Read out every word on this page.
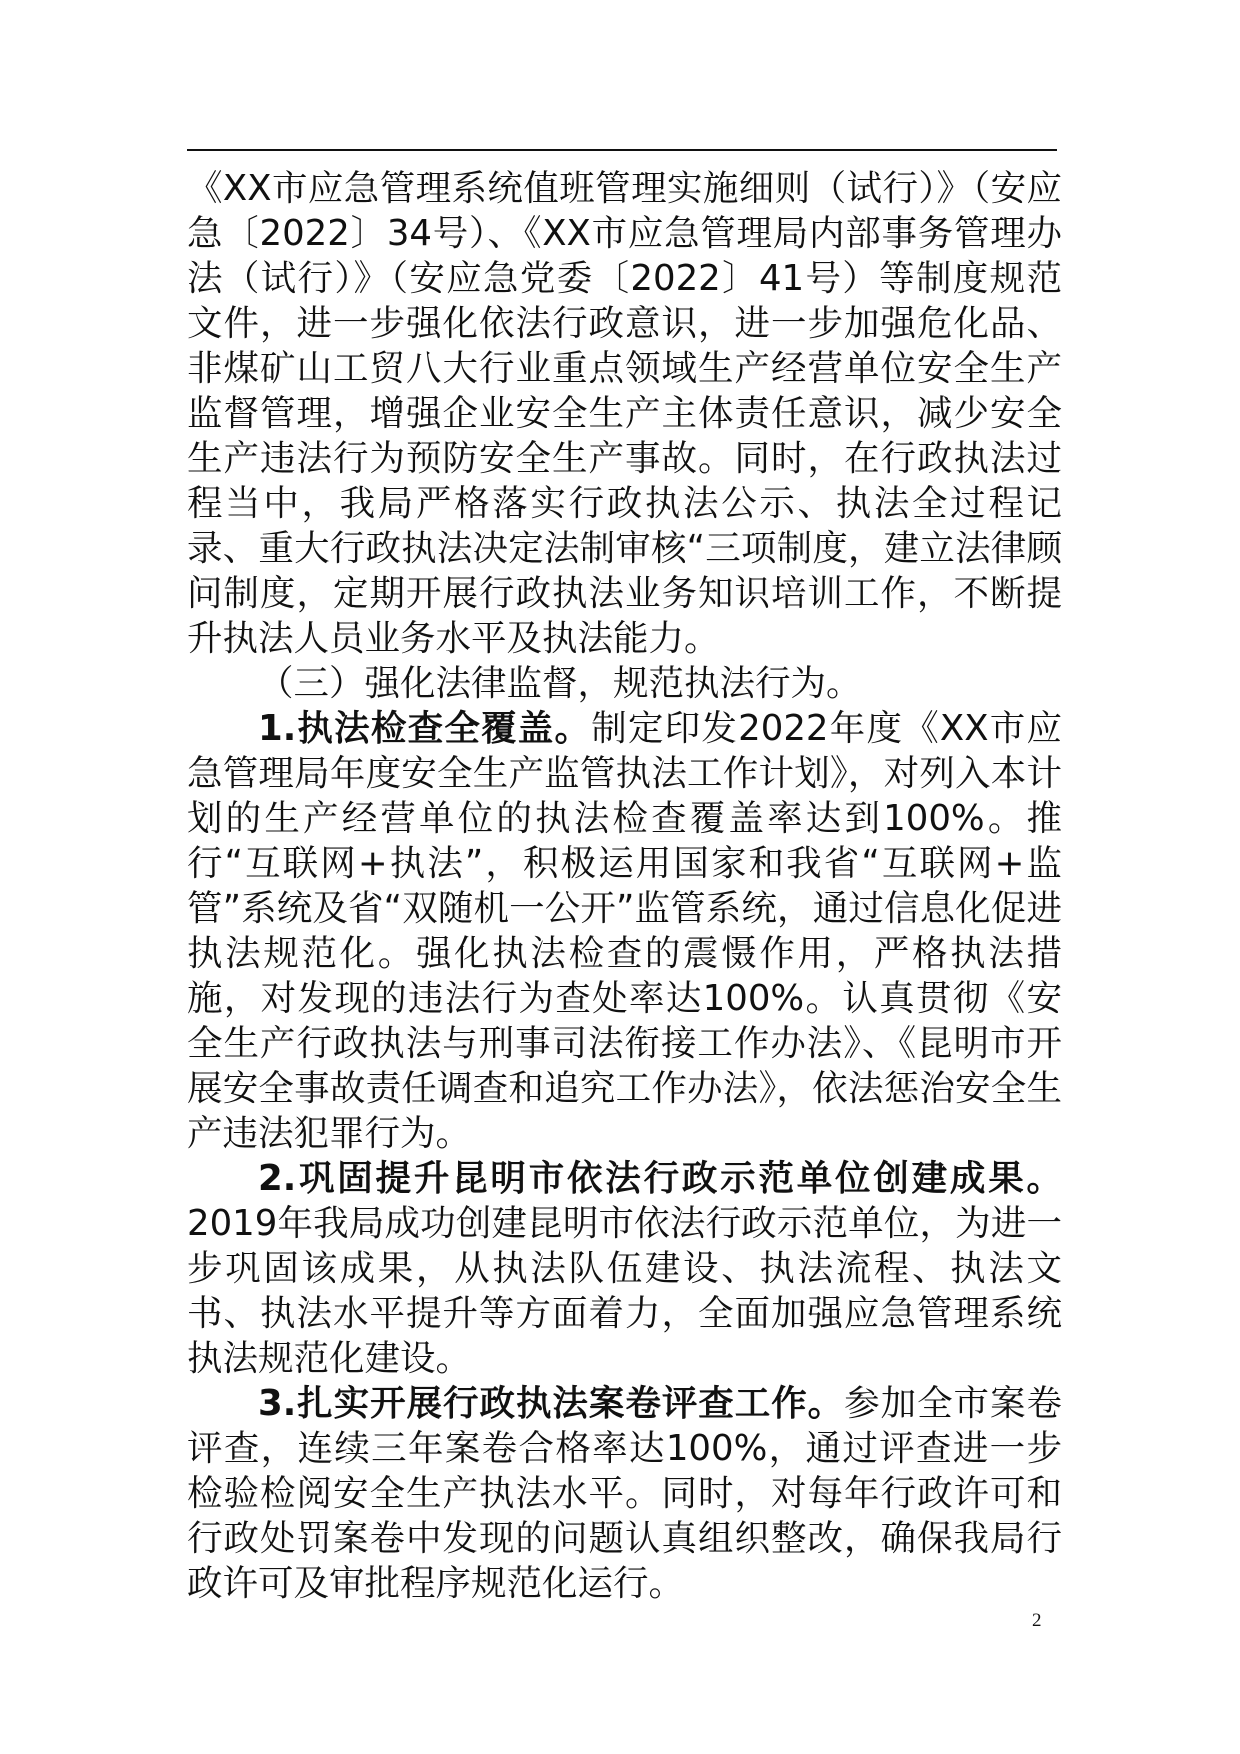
《XX市应急管理系统值班管理实施细则（试行）》（安应急〔2022〕34号）、《XX市应急管理局内部事务管理办法（试行）》（安应急党委〔2022〕41号）等制度规范文件，进一步强化依法行政意识，进一步加强危化品、非煤矿山工贸八大行业重点领域生产经营单位安全生产监督管理，增强企业安全生产主体责任意识，减少安全生产违法行为预防安全生产事故。同时，在行政执法过程当中，我局严格落实行政执法公示、执法全过程记录、重大行政执法决定法制审核“三项制度，建立法律顾问制度，定期开展行政执法业务知识培训工作，不断提升执法人员业务水平及执法能力。

（三）强化法律监督，规范执法行为。

1.执法检查全覆盖。制定印发2022年度《XX市应急管理局年度安全生产监管执法工作计划》，对列入本计划的生产经营单位的执法检查覆盖率达到100%。推行“互联网+执法”，积极运用国家和我省“互联网+监管”系统及省“双随机一公开”监管系统，通过信息化促进执法规范化。强化执法检查的震慑作用，严格执法措施，对发现的违法行为查处率达100%。认真贯彻《安全生产行政执法与刑事司法衔接工作办法》、《昆明市开展安全事故责任调查和追究工作办法》，依法惩治安全生产违法犯罪行为。

2.巩固提升昆明市依法行政示范单位创建成果。2019年我局成功创建昆明市依法行政示范单位，为进一步巩固该成果，从执法队伍建设、执法流程、执法文书、执法水平提升等方面着力，全面加强应急管理系统执法规范化建设。

3.扎实开展行政执法案卷评查工作。参加全市案卷评查，连续三年案卷合格率达100%，通过评查进一步检验检阅安全生产执法水平。同时，对每年行政许可和行政处罚案卷中发现的问题认真组织整改，确保我局行政许可及审批程序规范化运行。

2
